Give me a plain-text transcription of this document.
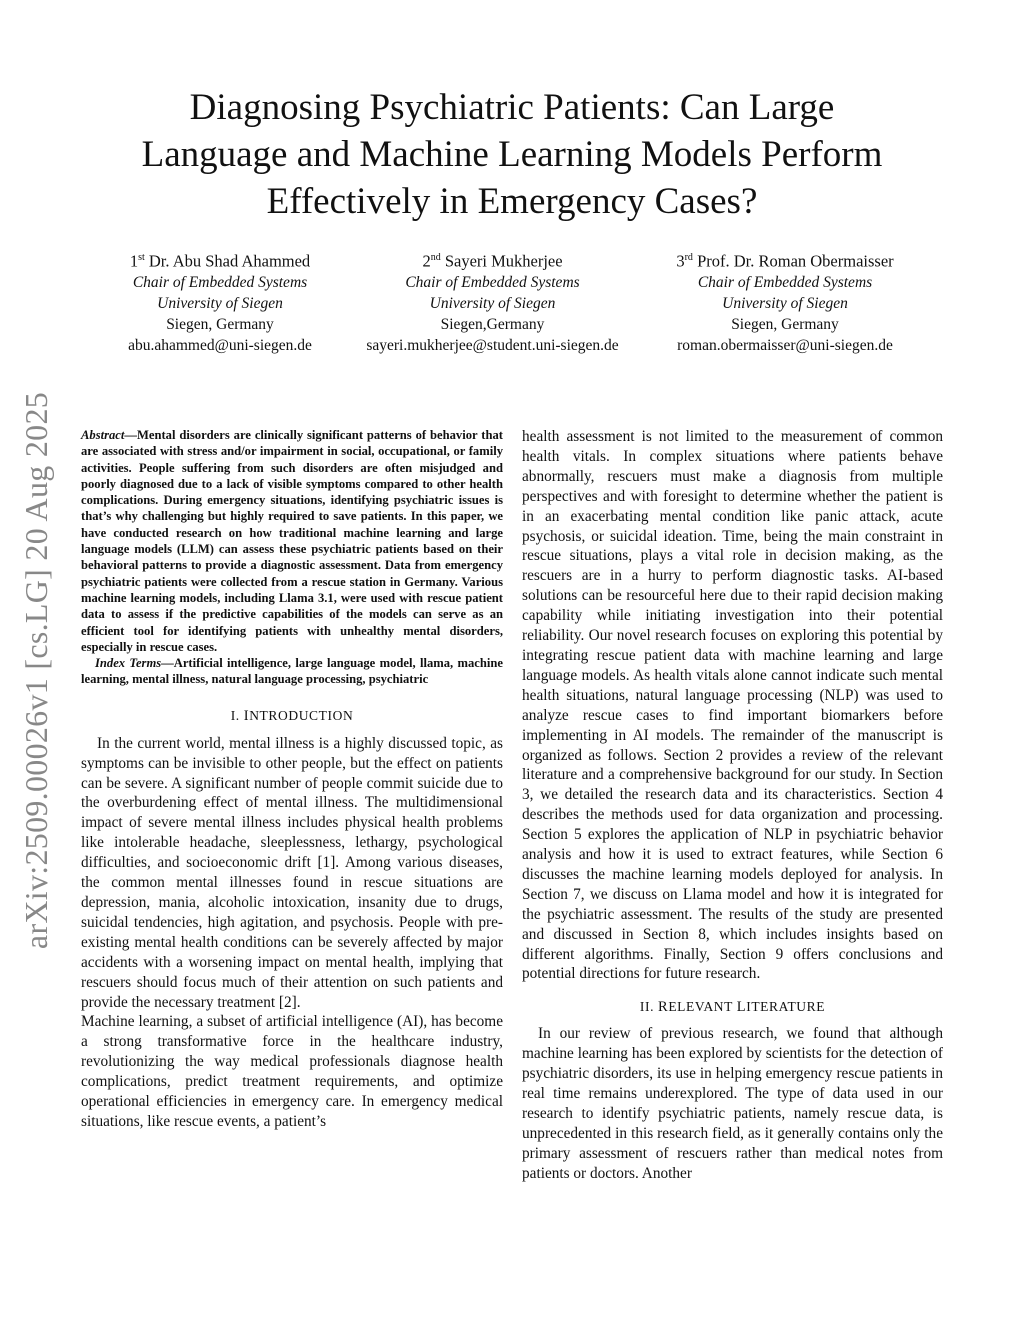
arXiv:2509.00026v1 [cs.LG] 20 Aug 2025
Diagnosing Psychiatric Patients: Can Large
Language and Machine Learning Models Perform
Effectively in Emergency Cases?
1st Dr. Abu Shad Ahammed
Chair of Embedded Systems
University of Siegen
Siegen, Germany
abu.ahammed@uni-siegen.de
2nd Sayeri Mukherjee
Chair of Embedded Systems
University of Siegen
Siegen,Germany
sayeri.mukherjee@student.uni-siegen.de
3rd Prof. Dr. Roman Obermaisser
Chair of Embedded Systems
University of Siegen
Siegen, Germany
roman.obermaisser@uni-siegen.de

Abstract—Mental disorders are clinically significant patterns of behavior that are associated with stress and/or impairment in social, occupational, or family activities. People suffering from such disorders are often misjudged and poorly diagnosed due to a lack of visible symptoms compared to other health complications. During emergency situations, identifying psychiatric issues is that’s why challenging but highly required to save patients. In this paper, we have conducted research on how traditional machine learning and large language models (LLM) can assess these psychiatric patients based on their behavioral patterns to provide a diagnostic assessment. Data from emergency psychiatric patients were collected from a rescue station in Germany. Various machine learning models, including Llama 3.1, were used with rescue patient data to assess if the predictive capabilities of the models can serve as an efficient tool for identifying patients with unhealthy mental disorders, especially in rescue cases.

Index Terms—Artificial intelligence, large language model, llama, machine learning, mental illness, natural language processing, psychiatric

I. INTRODUCTION

In the current world, mental illness is a highly discussed topic, as symptoms can be invisible to other people, but the effect on patients can be severe. A significant number of people commit suicide due to the overburdening effect of mental illness. The multidimensional impact of severe mental illness includes physical health problems like intolerable headache, sleeplessness, lethargy, psychological difficulties, and socioeconomic drift [1]. Among various diseases, the common mental illnesses found in rescue situations are depression, mania, alcoholic intoxication, insanity due to drugs, suicidal tendencies, high agitation, and psychosis. People with pre-existing mental health conditions can be severely affected by major accidents with a worsening impact on mental health, implying that rescuers should focus much of their attention on such patients and provide the necessary treatment [2].

Machine learning, a subset of artificial intelligence (AI), has become a strong transformative force in the healthcare industry, revolutionizing the way medical professionals diagnose health complications, predict treatment requirements, and optimize operational efficiencies in emergency care. In emergency medical situations, like rescue events, a patient’s

health assessment is not limited to the measurement of common health vitals. In complex situations where patients behave abnormally, rescuers must make a diagnosis from multiple perspectives and with foresight to determine whether the patient is in an exacerbating mental condition like panic attack, acute psychosis, or suicidal ideation. Time, being the main constraint in rescue situations, plays a vital role in decision making, as the rescuers are in a hurry to perform diagnostic tasks. AI-based solutions can be resourceful here due to their rapid decision making capability while initiating investigation into their potential reliability. Our novel research focuses on exploring this potential by integrating rescue patient data with machine learning and large language models. As health vitals alone cannot indicate such mental health situations, natural language processing (NLP) was used to analyze rescue cases to find important biomarkers before implementing in AI models. The remainder of the manuscript is organized as follows. Section 2 provides a review of the relevant literature and a comprehensive background for our study. In Section 3, we detailed the research data and its characteristics. Section 4 describes the methods used for data organization and processing. Section 5 explores the application of NLP in psychiatric behavior analysis and how it is used to extract features, while Section 6 discusses the machine learning models deployed for analysis. In Section 7, we discuss on Llama model and how it is integrated for the psychiatric assessment. The results of the study are presented and discussed in Section 8, which includes insights based on different algorithms. Finally, Section 9 offers conclusions and potential directions for future research.

II. RELEVANT LITERATURE

In our review of previous research, we found that although machine learning has been explored by scientists for the detection of psychiatric disorders, its use in helping emergency rescue patients in real time remains underexplored. The type of data used in our research to identify psychiatric patients, namely rescue data, is unprecedented in this research field, as it generally contains only the primary assessment of rescuers rather than medical notes from patients or doctors. Another
